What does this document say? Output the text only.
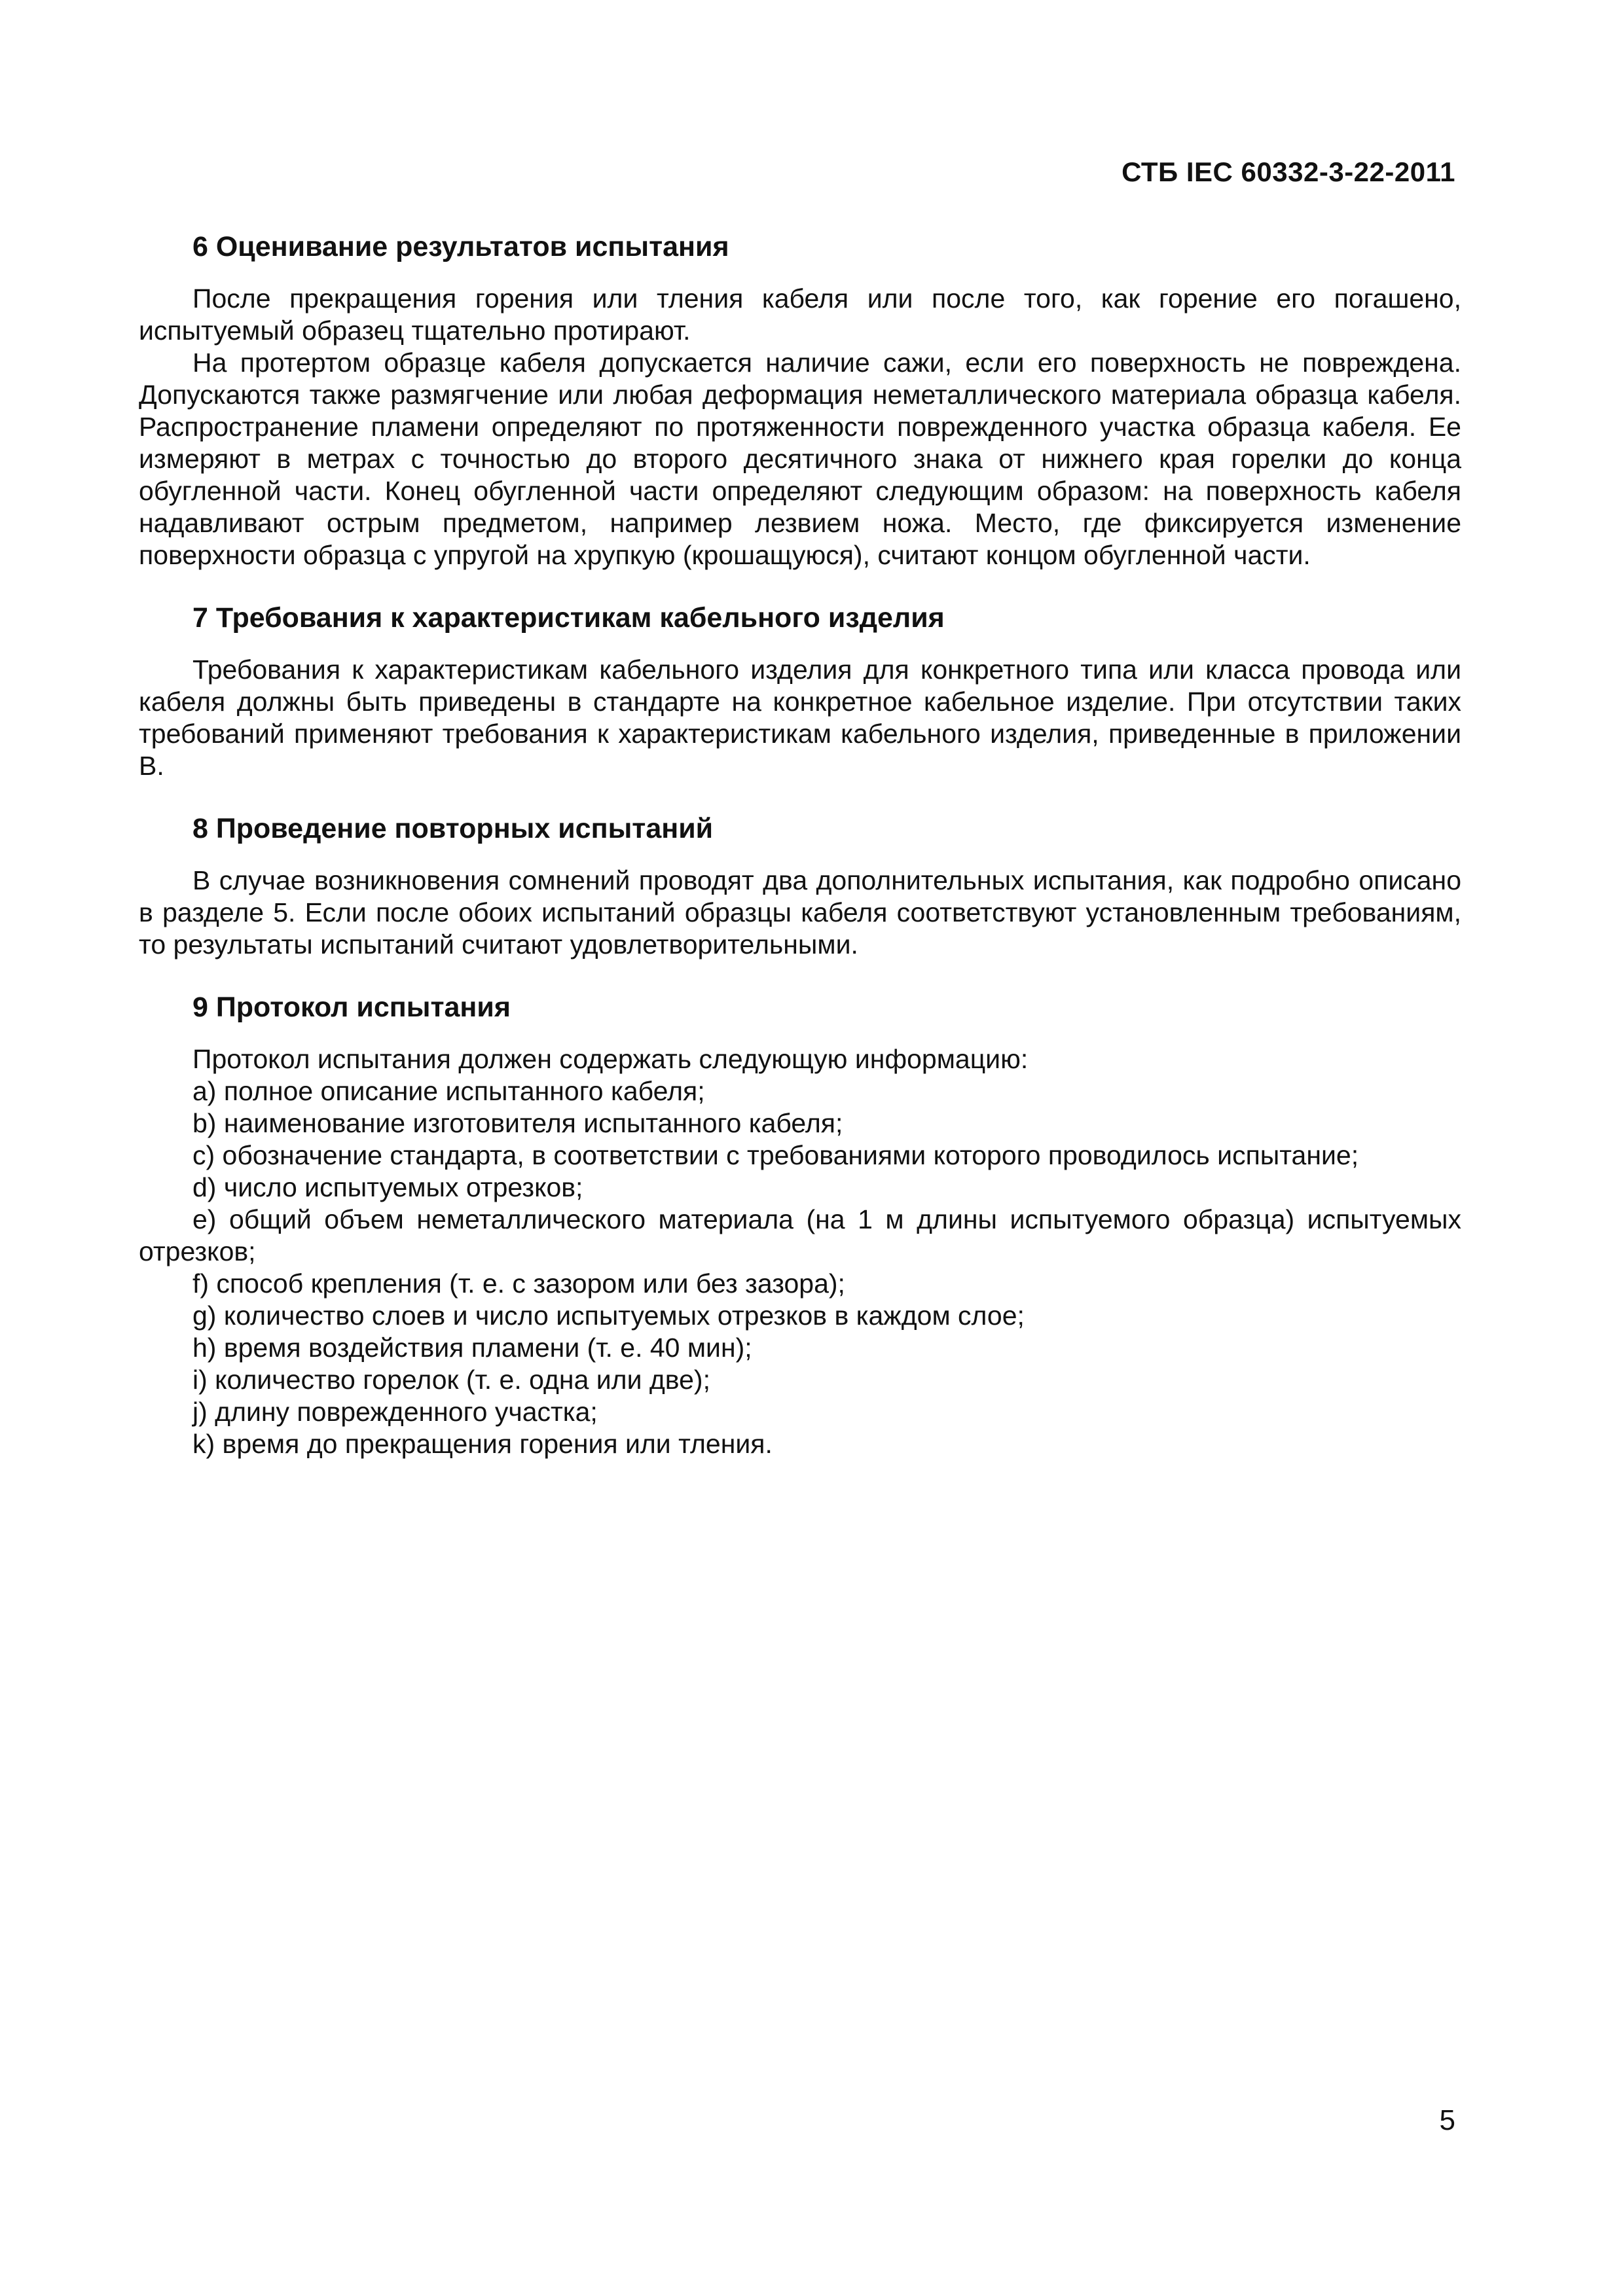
СТБ IEC 60332-3-22-2011
6 Оценивание результатов испытания

После прекращения горения или тления кабеля или после того, как горение его погашено, испытуемый образец тщательно протирают.

На протертом образце кабеля допускается наличие сажи, если его поверхность не повреждена. Допускаются также размягчение или любая деформация неметаллического материала образца кабеля. Распространение пламени определяют по протяженности поврежденного участка образца кабеля. Ее измеряют в метрах с точностью до второго десятичного знака от нижнего края горелки до конца обугленной части. Конец обугленной части определяют следующим образом: на поверхность кабеля надавливают острым предметом, например лезвием ножа. Место, где фиксируется изменение поверхности образца с упругой на хрупкую (крошащуюся), считают концом обугленной части.

7 Требования к характеристикам кабельного изделия

Требования к характеристикам кабельного изделия для конкретного типа или класса провода или кабеля должны быть приведены в стандарте на конкретное кабельное изделие. При отсутствии таких требований применяют требования к характеристикам кабельного изделия, приведенные в приложении В.

8 Проведение повторных испытаний

В случае возникновения сомнений проводят два дополнительных испытания, как подробно описано в разделе 5. Если после обоих испытаний образцы кабеля соответствуют установленным требованиям, то результаты испытаний считают удовлетворительными.

9 Протокол испытания

Протокол испытания должен содержать следующую информацию:

a) полное описание испытанного кабеля;
b) наименование изготовителя испытанного кабеля;
c) обозначение стандарта, в соответствии с требованиями которого проводилось испытание;
d) число испытуемых отрезков;
e) общий объем неметаллического материала (на 1 м длины испытуемого образца) испытуемых отрезков;
f) способ крепления (т. е. с зазором или без зазора);
g) количество слоев и число испытуемых отрезков в каждом слое;
h) время воздействия пламени (т. е. 40 мин);
i) количество горелок (т. е. одна или две);
j) длину поврежденного участка;
k) время до прекращения горения или тления.
5
